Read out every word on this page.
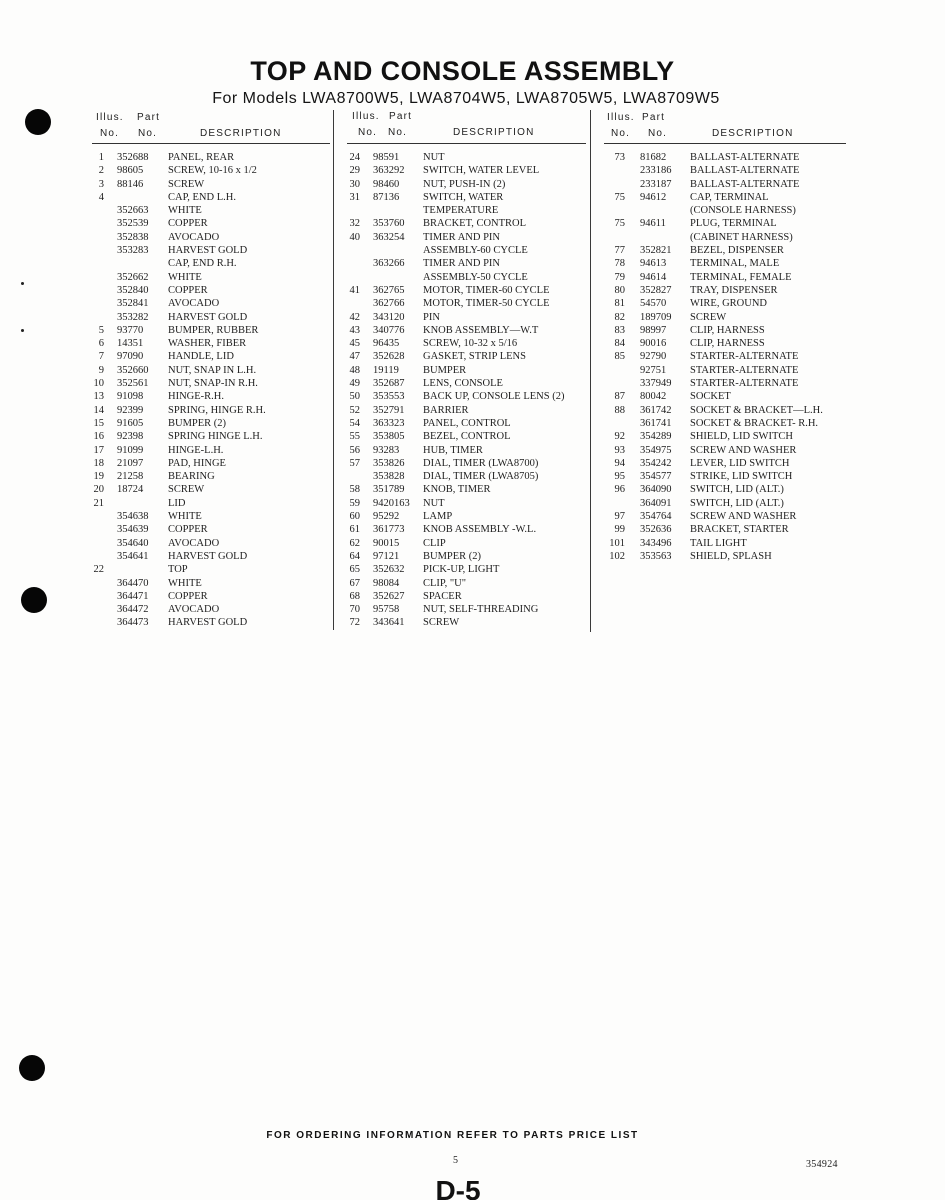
TOP AND CONSOLE ASSEMBLY
For Models LWA8700W5, LWA8704W5, LWA8705W5, LWA8709W5
Illus. Part
No. No.	DESCRIPTION
Illus. Part
No. No.	DESCRIPTION
Illus. Part
No. No.	DESCRIPTION
1 352688	PANEL, REAR
2 98605	SCREW, 10-16 x 1/2
3 88146	SCREW
4	CAP, END L.H.
352663	WHITE
352539	COPPER
352838	AVOCADO
353283	HARVEST GOLD
CAP, END R.H.
352662	WHITE
352840	COPPER
352841	AVOCADO
353282	HARVEST GOLD
5 93770	BUMPER, RUBBER
6 14351	WASHER, FIBER
7 97090	HANDLE, LID
9 352660	NUT, SNAP IN L.H.
10 352561	NUT, SNAP-IN R.H.
13 91098	HINGE-R.H.
14 92399	SPRING, HINGE R.H.
15 91605	BUMPER (2)
16 92398	SPRING HINGE L.H.
17 91099	HINGE-L.H.
18 21097	PAD, HINGE
19 21258	BEARING
20 18724	SCREW
21	LID
354638	WHITE
354639	COPPER
354640	AVOCADO
354641	HARVEST GOLD
22	TOP
364470	WHITE
364471	COPPER
364472	AVOCADO
364473	HARVEST GOLD
24 98591	NUT
29 363292	SWITCH, WATER LEVEL
30 98460	NUT, PUSH-IN (2)
31 87136	SWITCH, WATER
TEMPERATURE
32 353760	BRACKET, CONTROL
40 363254	TIMER AND PIN
ASSEMBLY-60 CYCLE
363266	TIMER AND PIN
ASSEMBLY-50 CYCLE
41 362765	MOTOR, TIMER-60 CYCLE
362766	MOTOR, TIMER-50 CYCLE
42 343120	PIN
43 340776	KNOB ASSEMBLY—W.T
45 96435	SCREW, 10-32 x 5/16
47 352628	GASKET, STRIP LENS
48 19119	BUMPER
49 352687	LENS, CONSOLE
50 353553	BACK UP, CONSOLE LENS (2)
52 352791	BARRIER
54 363323	PANEL, CONTROL
55 353805	BEZEL, CONTROL
56 93283	HUB, TIMER
57 353826	DIAL, TIMER (LWA8700)
353828	DIAL, TIMER (LWA8705)
58 351789	KNOB, TIMER
59 9420163	NUT
60 95292	LAMP
61 361773	KNOB ASSEMBLY -W.L.
62 90015	CLIP
64 97121	BUMPER (2)
65 352632	PICK-UP, LIGHT
67 98084	CLIP, "U"
68 352627	SPACER
70 95758	NUT, SELF-THREADING
72 343641	SCREW
73 81682	BALLAST-ALTERNATE
233186	BALLAST-ALTERNATE
233187	BALLAST-ALTERNATE
75 94612	CAP, TERMINAL
(CONSOLE HARNESS)
75 94611	PLUG, TERMINAL
(CABINET HARNESS)
77 352821	BEZEL, DISPENSER
78 94613	TERMINAL, MALE
79 94614	TERMINAL, FEMALE
80 352827	TRAY, DISPENSER
81 54570	WIRE, GROUND
82 189709	SCREW
83 98997	CLIP, HARNESS
84 90016	CLIP, HARNESS
85 92790	STARTER-ALTERNATE
92751	STARTER-ALTERNATE
337949	STARTER-ALTERNATE
87 80042	SOCKET
88 361742	SOCKET & BRACKET—L.H.
361741	SOCKET & BRACKET- R.H.
92 354289	SHIELD, LID SWITCH
93 354975	SCREW AND WASHER
94 354242	LEVER, LID SWITCH
95 354577	STRIKE, LID SWITCH
96 364090	SWITCH, LID (ALT.)
364091	SWITCH, LID (ALT.)
97 354764	SCREW AND WASHER
99 352636	BRACKET, STARTER
101 343496	TAIL LIGHT
102 353563	SHIELD, SPLASH
FOR ORDERING INFORMATION REFER TO PARTS PRICE LIST
5	354924
D-5
